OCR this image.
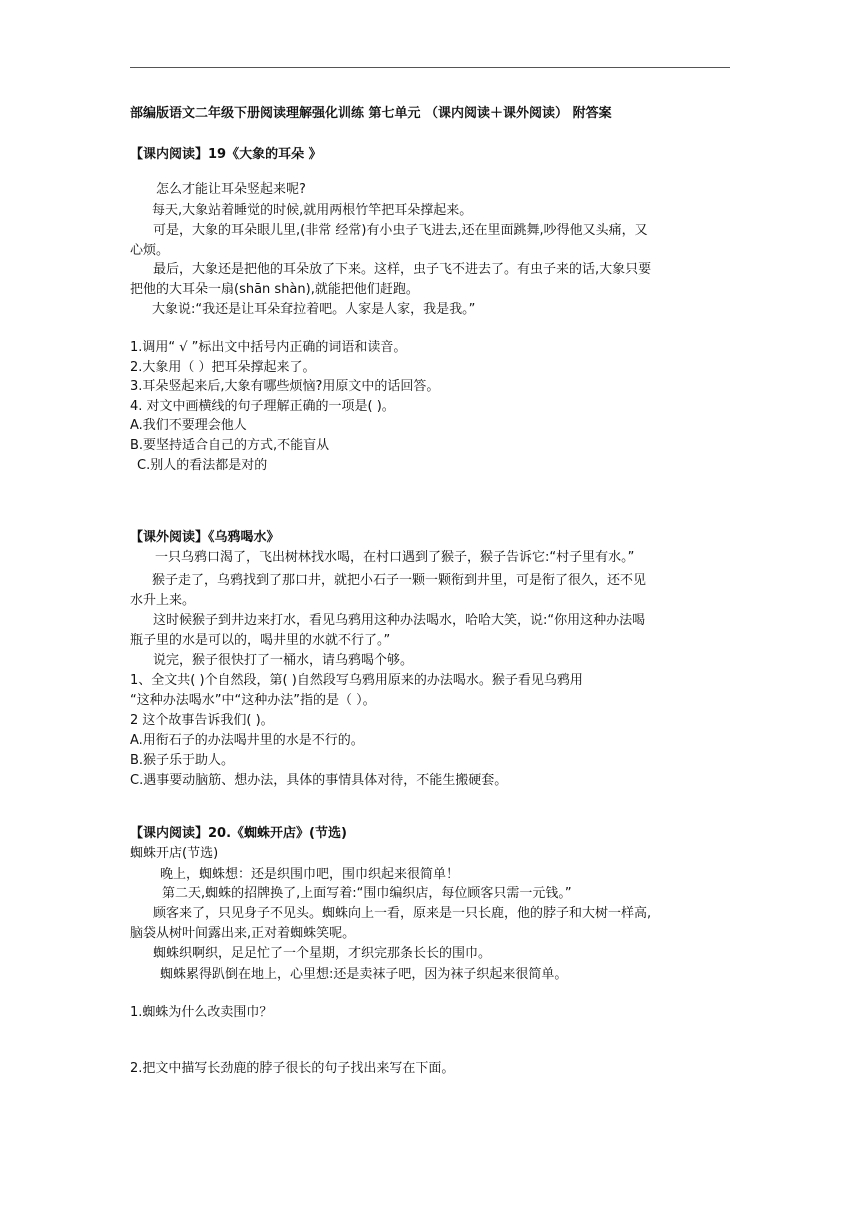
部编版语文二年级下册阅读理解强化训练 第七单元 （课内阅读＋课外阅读） 附答案
【课内阅读】19《大象的耳朵 》
怎么才能让耳朵竖起来呢?
每天,大象站着睡觉的时候,就用两根竹竿把耳朵撑起来。
可是，大象的耳朵眼儿里,(非常 经常)有小虫子飞进去,还在里面跳舞,吵得他又头痛，又
心烦。
最后，大象还是把他的耳朵放了下来。这样，虫子飞不进去了。有虫子来的话,大象只要
把他的大耳朵一扇(shān shàn),就能把他们赶跑。
大象说:“我还是让耳朵耷拉着吧。人家是人家，我是我。”
1.调用“ √ ”标出文中括号内正确的词语和读音。
2.大象用（ ）把耳朵撑起来了。
3.耳朵竖起来后,大象有哪些烦恼?用原文中的话回答。
4. 对文中画横线的句子理解正确的一项是( )。
A.我们不要理会他人
B.要坚持适合自己的方式,不能盲从
C.别人的看法都是对的
【课外阅读】《乌鸦喝水》
一只乌鸦口渴了，飞出树林找水喝，在村口遇到了猴子，猴子告诉它:“村子里有水。”
猴子走了，乌鸦找到了那口井，就把小石子一颗一颗衔到井里，可是衔了很久，还不见
水升上来。
这时候猴子到井边来打水，看见乌鸦用这种办法喝水，哈哈大笑，说:“你用这种办法喝
瓶子里的水是可以的，喝井里的水就不行了。”
说完，猴子很快打了一桶水，请乌鸦喝个够。
1、全文共( )个自然段，第( )自然段写乌鸦用原来的办法喝水。猴子看见乌鸦用
“这种办法喝水”中“这种办法”指的是（ ）。
2 这个故事告诉我们( )。
A.用衔石子的办法喝井里的水是不行的。
B.猴子乐于助人。
C.遇事要动脑筋、想办法，具体的事情具体对待，不能生搬硬套。
【课内阅读】20.《蜘蛛开店》(节选)
蜘蛛开店(节选)
晚上，蜘蛛想：还是织围巾吧，围巾织起来很简单！
第二天,蜘蛛的招牌换了,上面写着:“围巾编织店，每位顾客只需一元钱。”
顾客来了，只见身子不见头。蜘蛛向上一看，原来是一只长鹿，他的脖子和大树一样高,
脑袋从树叶间露出来,正对着蜘蛛笑呢。
蜘蛛织啊织，足足忙了一个星期，才织完那条长长的围巾。
蜘蛛累得趴倒在地上，心里想:还是卖袜子吧，因为袜子织起来很简单。
1.蜘蛛为什么改卖围巾？
2.把文中描写长劲鹿的脖子很长的句子找出来写在下面。
